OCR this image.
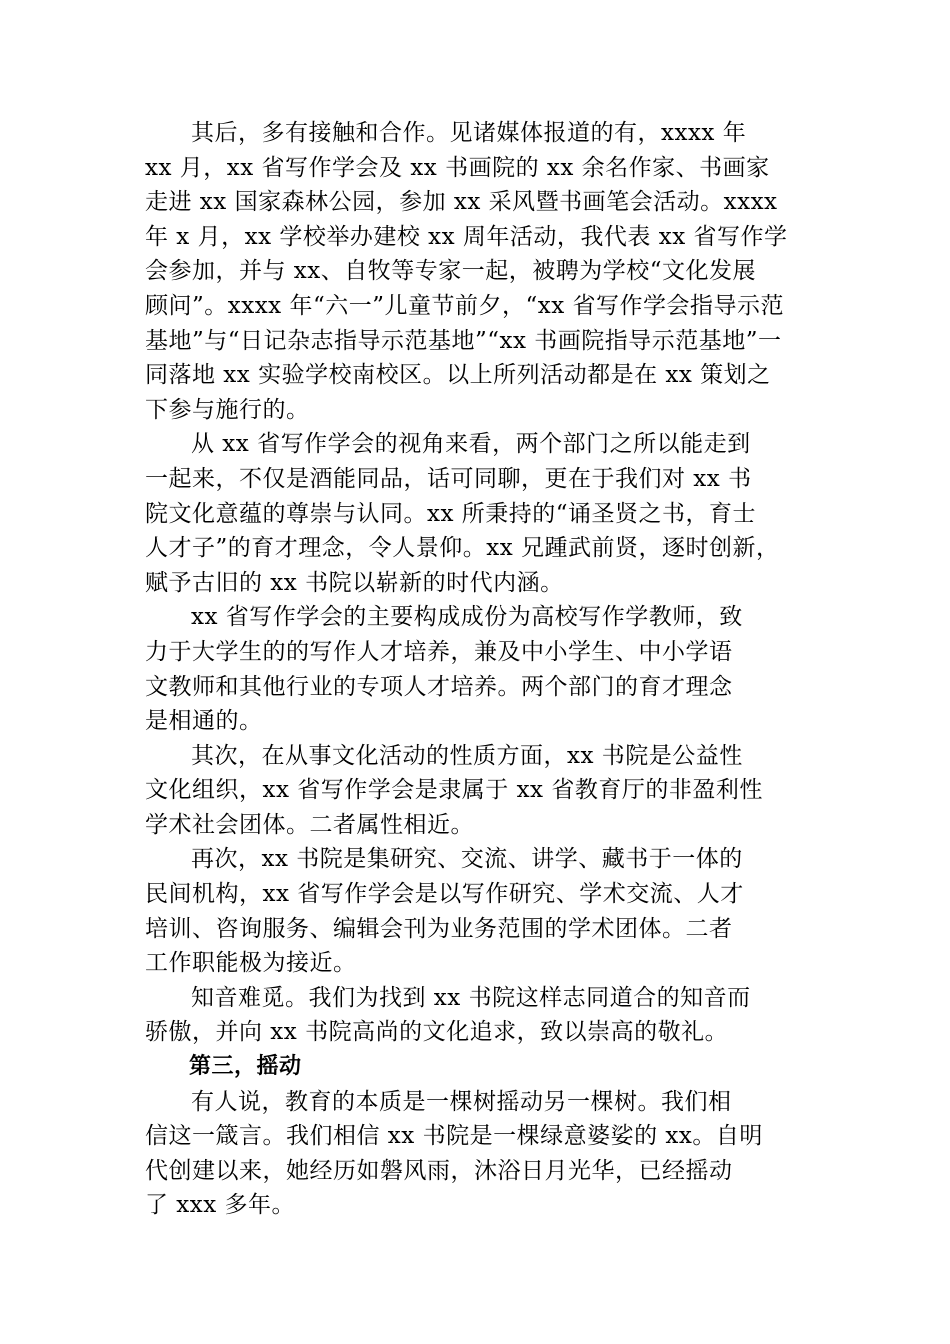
其后，多有接触和合作。见诸媒体报道的有，xxxx 年
xx 月，xx 省写作学会及 xx 书画院的 xx 余名作家、书画家
走进 xx 国家森林公园，参加 xx 采风暨书画笔会活动。xxxx
年 x 月，xx 学校举办建校 xx 周年活动，我代表 xx 省写作学
会参加，并与 xx、自牧等专家一起，被聘为学校“文化发展
顾问”。xxxx 年“六一”儿童节前夕，“xx 省写作学会指导示范
基地”与“日记杂志指导示范基地”“xx 书画院指导示范基地”一
同落地 xx 实验学校南校区。以上所列活动都是在 xx 策划之
下参与施行的。

从 xx 省写作学会的视角来看，两个部门之所以能走到
一起来，不仅是酒能同品，话可同聊，更在于我们对 xx 书
院文化意蕴的尊崇与认同。xx 所秉持的“诵圣贤之书，育士
人才子”的育才理念，令人景仰。xx 兄踵武前贤，逐时创新，
赋予古旧的 xx 书院以崭新的时代内涵。

xx 省写作学会的主要构成成份为高校写作学教师，致
力于大学生的的写作人才培养，兼及中小学生、中小学语
文教师和其他行业的专项人才培养。两个部门的育才理念
是相通的。

其次，在从事文化活动的性质方面，xx 书院是公益性
文化组织，xx 省写作学会是隶属于 xx 省教育厅的非盈利性
学术社会团体。二者属性相近。

再次，xx 书院是集研究、交流、讲学、藏书于一体的
民间机构，xx 省写作学会是以写作研究、学术交流、人才
培训、咨询服务、编辑会刊为业务范围的学术团体。二者
工作职能极为接近。

知音难觅。我们为找到 xx 书院这样志同道合的知音而
骄傲，并向 xx 书院高尚的文化追求，致以崇高的敬礼。

第三，摇动

有人说，教育的本质是一棵树摇动另一棵树。我们相
信这一箴言。我们相信 xx 书院是一棵绿意婆娑的 xx。自明
代创建以来，她经历如磐风雨，沐浴日月光华，已经摇动
了 xxx 多年。
